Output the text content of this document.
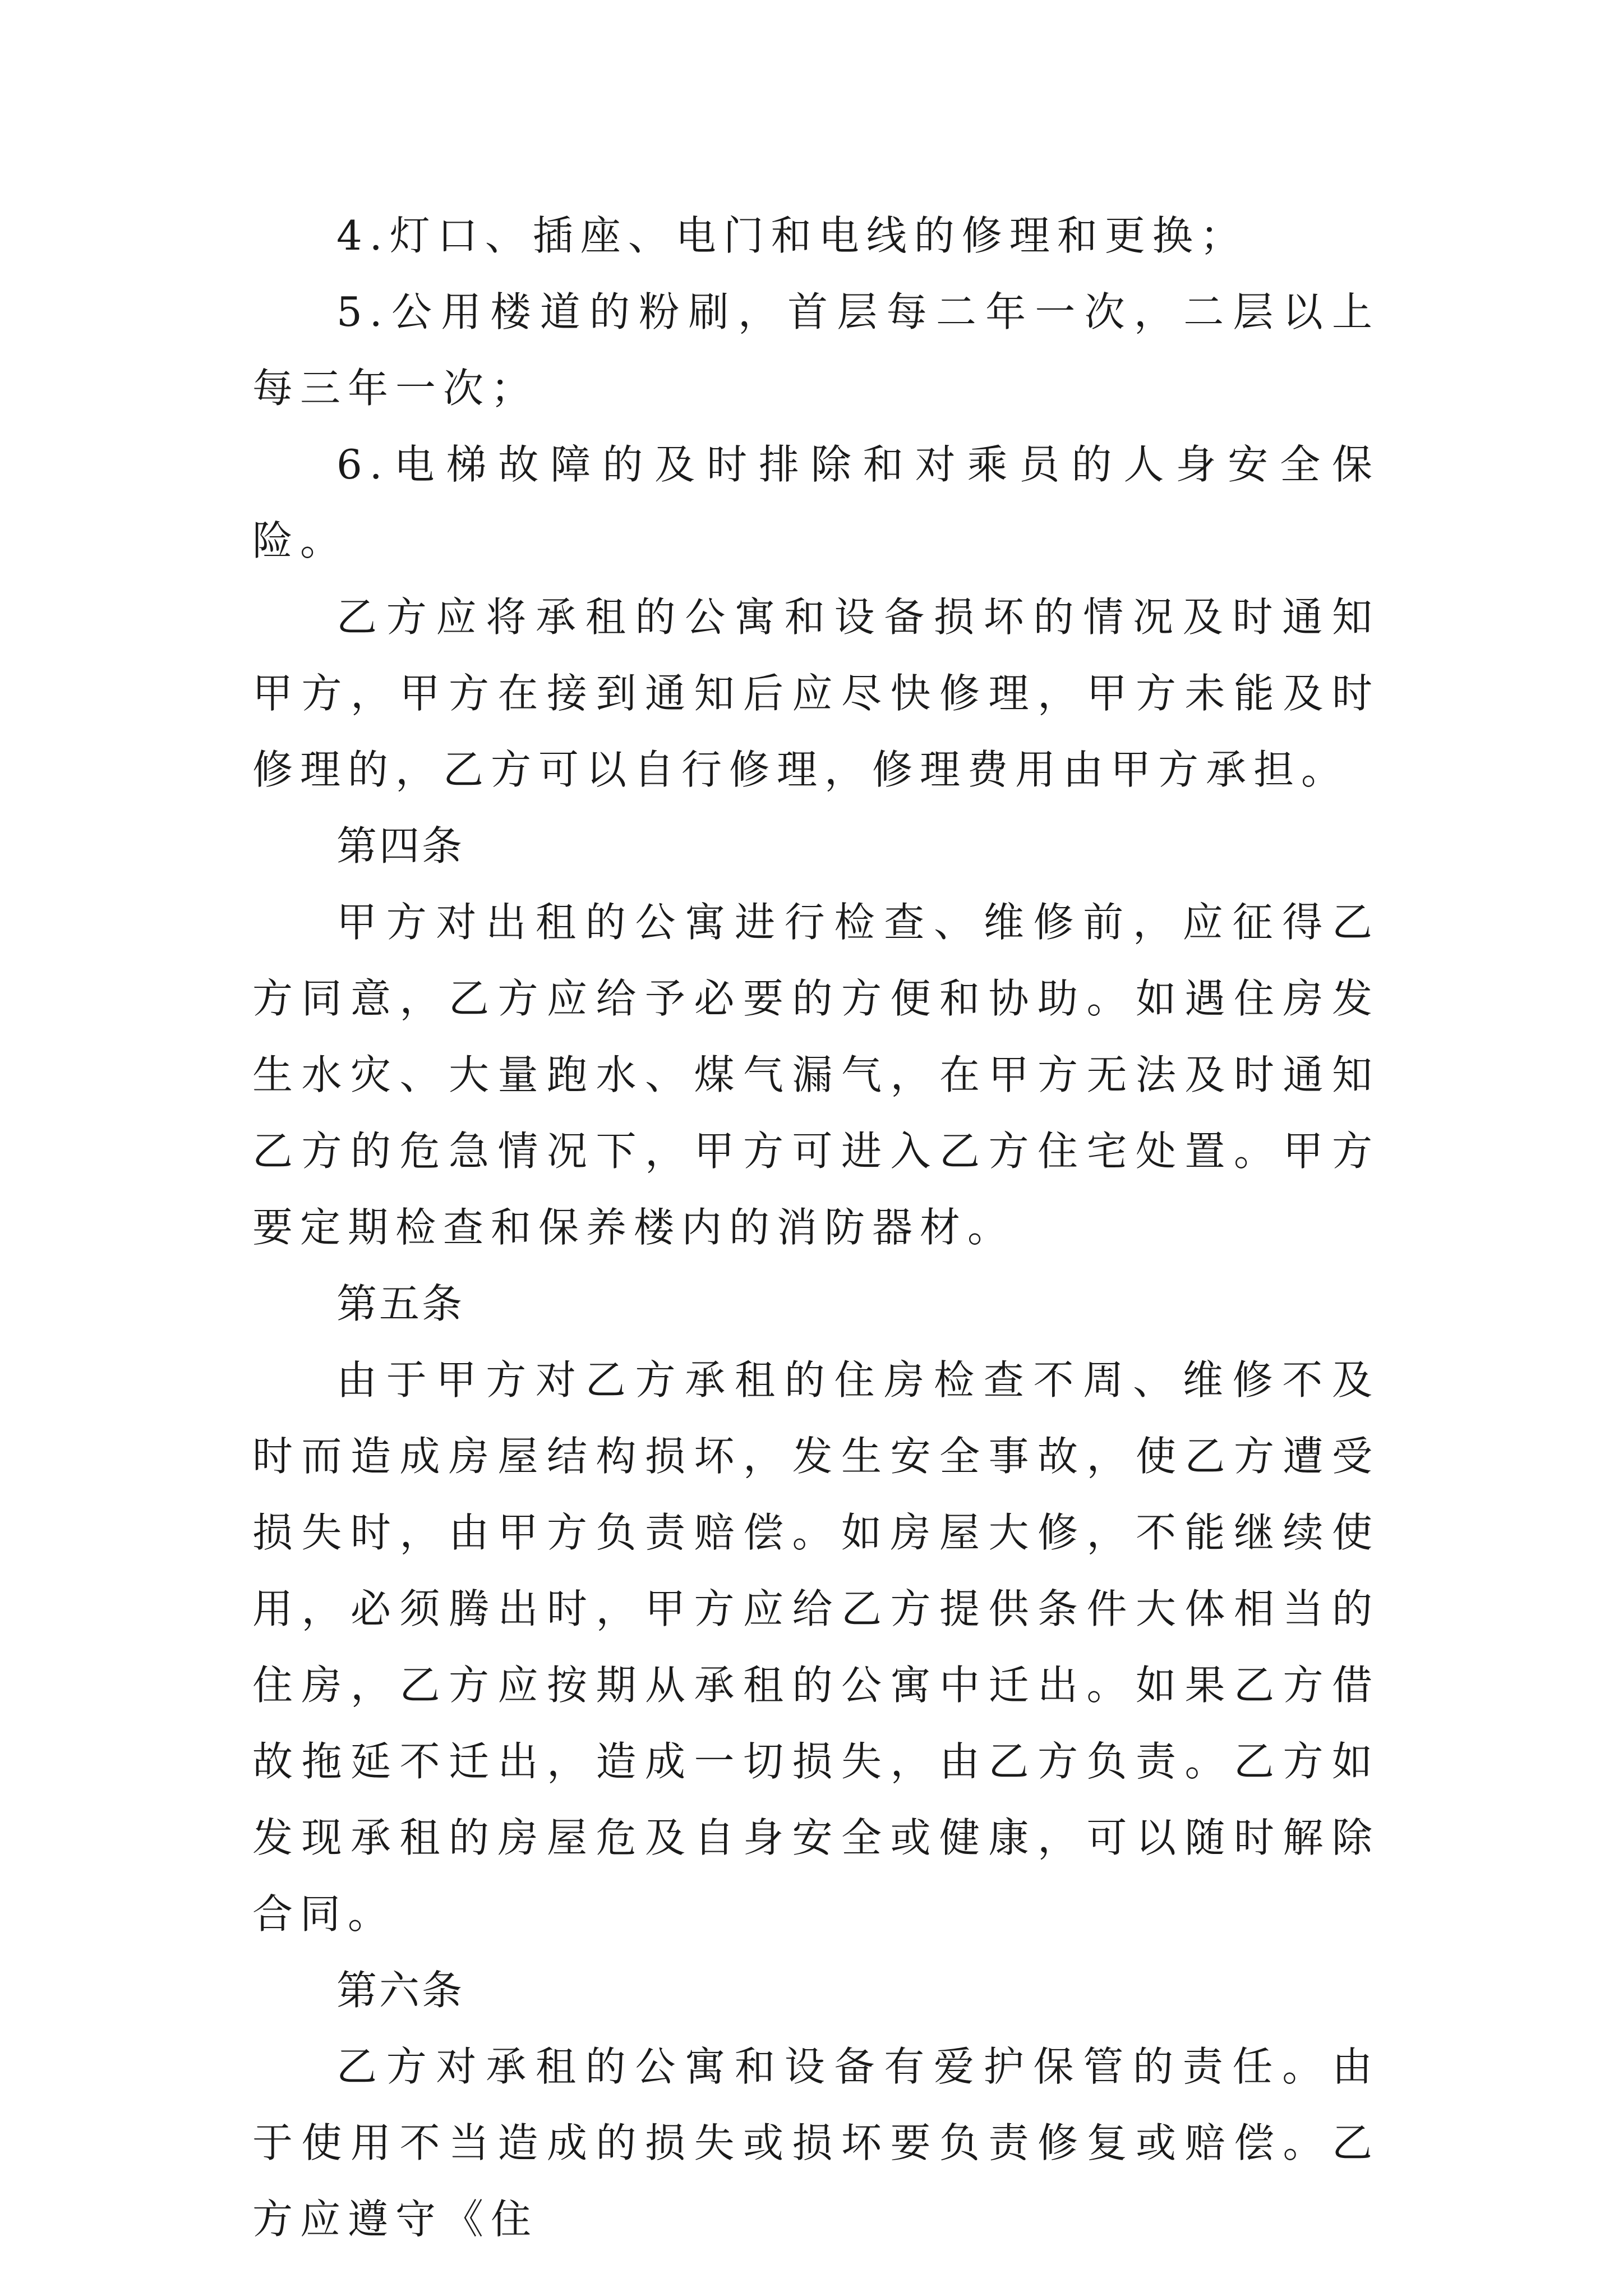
4.灯口、插座、电门和电线的修理和更换；

5.公用楼道的粉刷，首层每二年一次，二层以上每三年一次；

6.电梯故障的及时排除和对乘员的人身安全保险。

乙方应将承租的公寓和设备损坏的情况及时通知甲方，甲方在接到通知后应尽快修理，甲方未能及时修理的，乙方可以自行修理，修理费用由甲方承担。

第四条

甲方对出租的公寓进行检查、维修前，应征得乙方同意，乙方应给予必要的方便和协助。如遇住房发生水灾、大量跑水、煤气漏气，在甲方无法及时通知乙方的危急情况下，甲方可进入乙方住宅处置。甲方要定期检查和保养楼内的消防器材。

第五条

由于甲方对乙方承租的住房检查不周、维修不及时而造成房屋结构损坏，发生安全事故，使乙方遭受损失时，由甲方负责赔偿。如房屋大修，不能继续使用，必须腾出时，甲方应给乙方提供条件大体相当的住房，乙方应按期从承租的公寓中迁出。如果乙方借故拖延不迁出，造成一切损失，由乙方负责。乙方如发现承租的房屋危及自身安全或健康，可以随时解除合同。

第六条

乙方对承租的公寓和设备有爱护保管的责任。由于使用不当造成的损失或损坏要负责修复或赔偿。乙方应遵守《住
